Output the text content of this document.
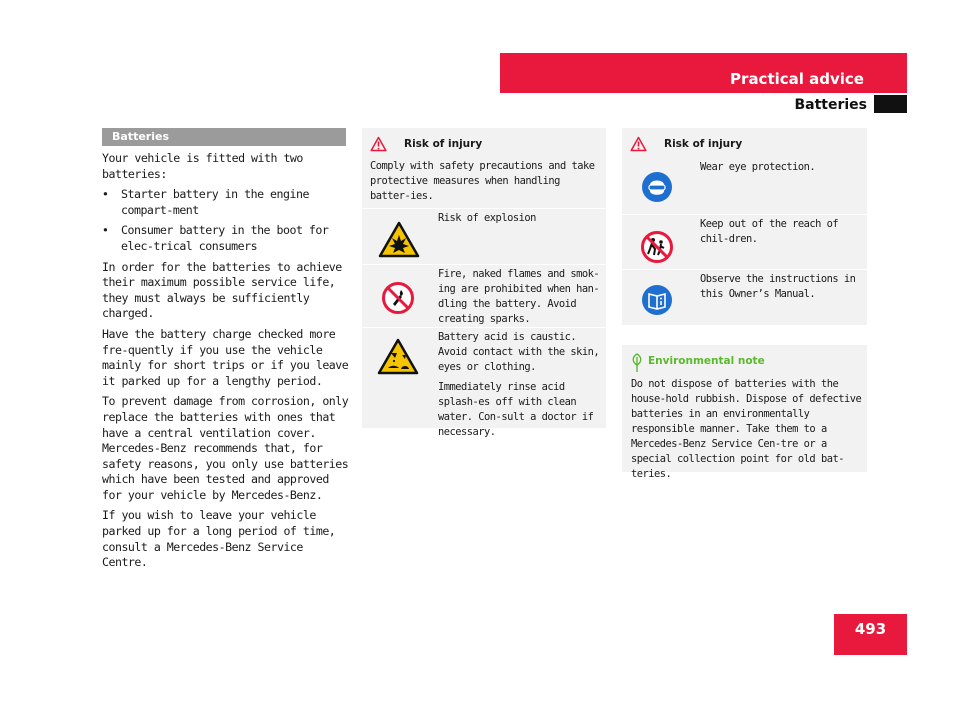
Practical advice
Batteries
493
Batteries

Your vehicle is fitted with two batteries:

•	Starter battery in the engine compart-ment
•	Consumer battery in the boot for elec-trical consumers

In order for the batteries to achieve their maximum possible service life, they must always be sufficiently charged.

Have the battery charge checked more fre-quently if you use the vehicle mainly for short trips or if you leave it parked up for a lengthy period.

To prevent damage from corrosion, only replace the batteries with ones that have a central ventilation cover. Mercedes-Benz recommends that, for safety reasons, you only use batteries which have been tested and approved for your vehicle by Mercedes-Benz.

If you wish to leave your vehicle parked up for a long period of time, consult a Mercedes-Benz Service Centre.

Risk of injury
Comply with safety precautions and take protective measures when handling batter-ies.
Risk of explosion
Fire, naked flames and smok-ing are prohibited when han-dling the battery. Avoid creating sparks.

Battery acid is caustic. Avoid contact with the skin, eyes or clothing.

Immediately rinse acid splash-es off with clean water. Con-sult a doctor if necessary.

Risk of injury
Wear eye protection.
Keep out of the reach of chil-dren.
Observe the instructions in this Owner’s Manual.
Environmental note
Do not dispose of batteries with the house-hold rubbish. Dispose of defective batteries in an environmentally responsible manner. Take them to a Mercedes-Benz Service Cen-tre or a special collection point for old bat-teries.
